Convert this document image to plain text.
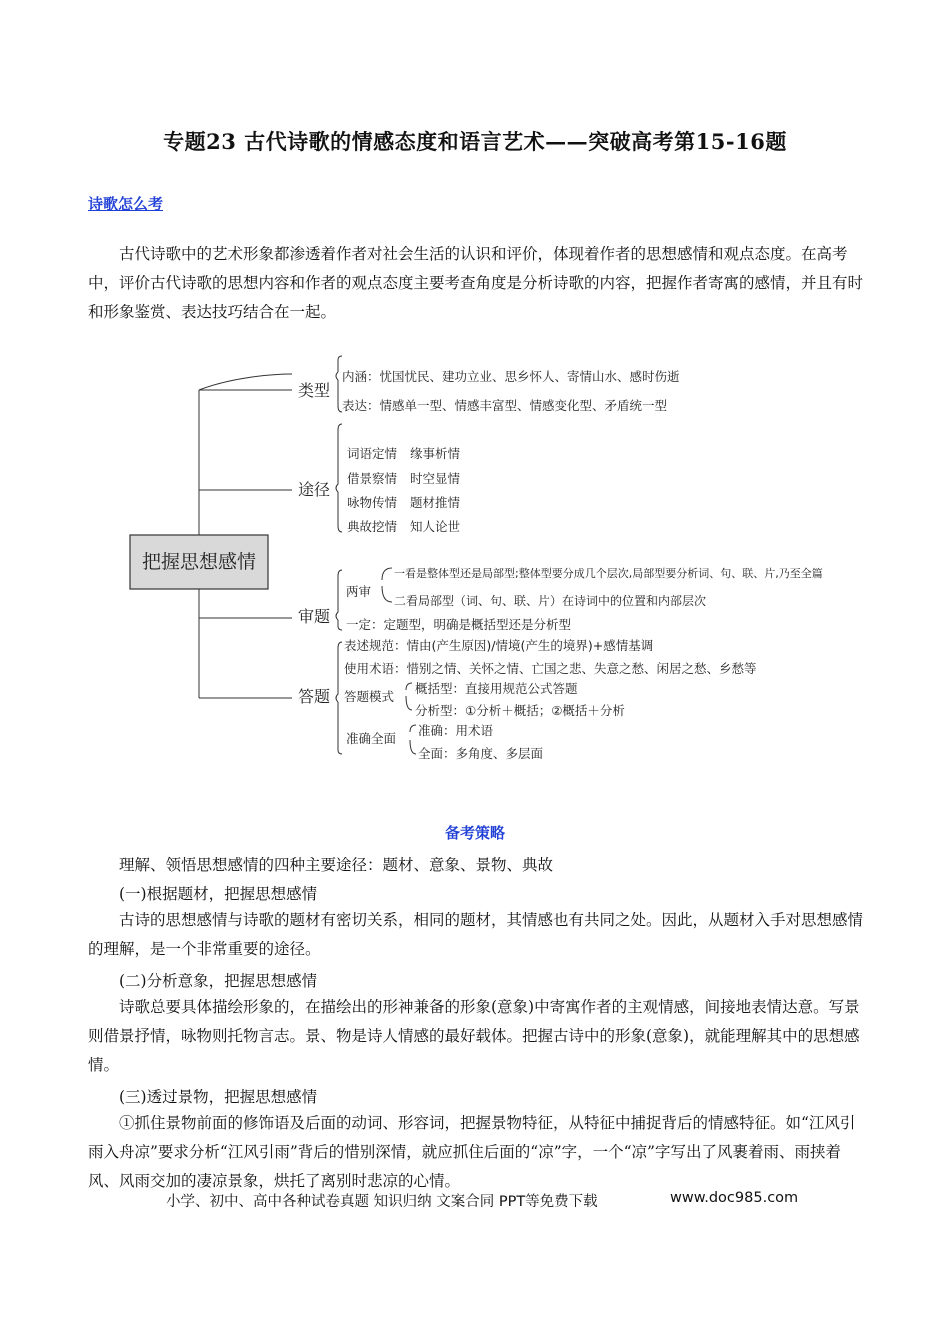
专题23 古代诗歌的情感态度和语言艺术——突破高考第15-16题
诗歌怎么考

古代诗歌中的艺术形象都渗透着作者对社会生活的认识和评价，体现着作者的思想感情和观点态度。在高考中，评价古代诗歌的思想内容和作者的观点态度主要考查角度是分析诗歌的内容，把握作者寄寓的感情，并且有时和形象鉴赏、表达技巧结合在一起。

把握思想感情
类型
内涵：忧国忧民、建功立业、思乡怀人、寄情山水、感时伤逝
表达：情感单一型、情感丰富型、情感变化型、矛盾统一型
途径
词语定情 缘事析情
借景察情 时空显情
咏物传情 题材推情
典故挖情 知人论世
审题
两审
一看是整体型还是局部型;整体型要分成几个层次,局部型要分析词、句、联、片,乃至全篇
二看局部型（词、句、联、片）在诗词中的位置和内部层次
一定：定题型，明确是概括型还是分析型
答题
表述规范：情由(产生原因)/情境(产生的境界)+感情基调
使用术语：惜别之情、关怀之情、亡国之悲、失意之愁、闲居之愁、乡愁等
答题模式
概括型：直接用规范公式答题
分析型：①分析＋概括；②概括＋分析
准确全面
准确：用术语
全面：多角度、多层面
备考策略

理解、领悟思想感情的四种主要途径：题材、意象、景物、典故

(一)根据题材，把握思想感情

古诗的思想感情与诗歌的题材有密切关系，相同的题材，其情感也有共同之处。因此，从题材入手对思想感情的理解，是一个非常重要的途径。

(二)分析意象，把握思想感情

诗歌总要具体描绘形象的，在描绘出的形神兼备的形象(意象)中寄寓作者的主观情感，间接地表情达意。写景则借景抒情，咏物则托物言志。景、物是诗人情感的最好载体。把握古诗中的形象(意象)，就能理解其中的思想感情。

(三)透过景物，把握思想感情

①抓住景物前面的修饰语及后面的动词、形容词，把握景物特征，从特征中捕捉背后的情感特征。如“江风引雨入舟凉”要求分析“江风引雨”背后的惜别深情，就应抓住后面的“凉”字，一个“凉”字写出了风裹着雨、雨挟着风、风雨交加的凄凉景象，烘托了离别时悲凉的心情。

小学、初中、高中各种试卷真题 知识归纳 文案合同 PPT等免费下载	www.doc985.com
